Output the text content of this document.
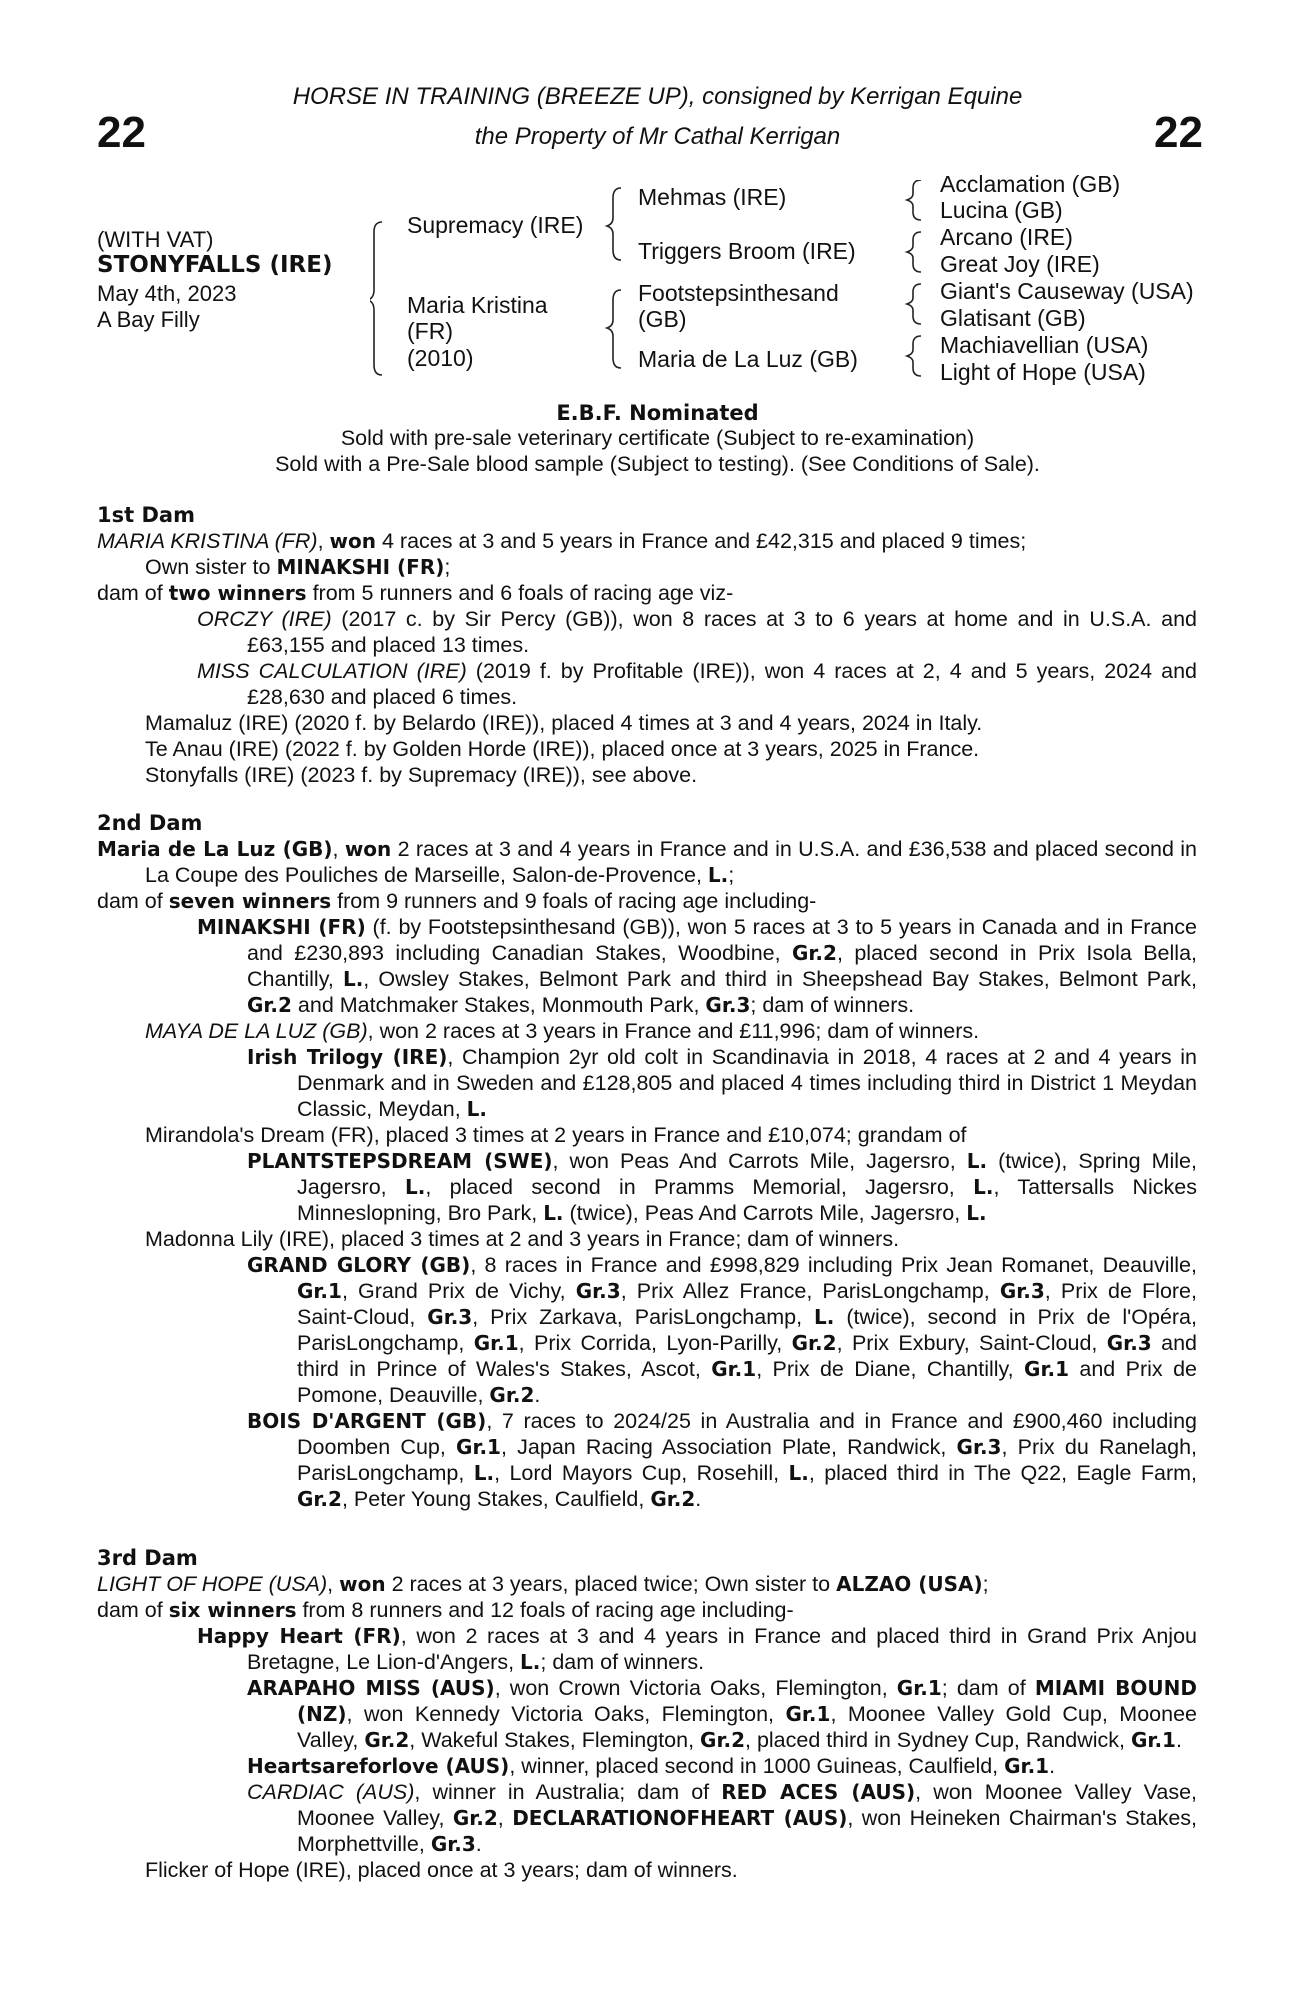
22	22
HORSE IN TRAINING (BREEZE UP), consigned by Kerrigan Equine
the Property of Mr Cathal Kerrigan
(WITH VAT)
STONYFALLS (IRE)
May 4th, 2023
A Bay Filly
Supremacy (IRE)
Maria Kristina
(FR)
(2010)
Mehmas (IRE)
Triggers Broom (IRE)
Footstepsinthesand
(GB)
Maria de La Luz (GB)
Acclamation (GB)
Lucina (GB)
Arcano (IRE)
Great Joy (IRE)
Giant's Causeway (USA)
Glatisant (GB)
Machiavellian (USA)
Light of Hope (USA)
E.B.F. Nominated
Sold with pre-sale veterinary certificate (Subject to re-examination)
Sold with a Pre-Sale blood sample (Subject to testing). (See Conditions of Sale).
1st Dam

MARIA KRISTINA (FR), won 4 races at 3 and 5 years in France and £42,315 and placed 9 times;

Own sister to MINAKSHI (FR);

dam of two winners from 5 runners and 6 foals of racing age viz-

ORCZY (IRE) (2017 c. by Sir Percy (GB)), won 8 races at 3 to 6 years at home and in U.S.A. and £63,155 and placed 13 times.

MISS CALCULATION (IRE) (2019 f. by Profitable (IRE)), won 4 races at 2, 4 and 5 years, 2024 and £28,630 and placed 6 times.

Mamaluz (IRE) (2020 f. by Belardo (IRE)), placed 4 times at 3 and 4 years, 2024 in Italy.

Te Anau (IRE) (2022 f. by Golden Horde (IRE)), placed once at 3 years, 2025 in France.

Stonyfalls (IRE) (2023 f. by Supremacy (IRE)), see above.

2nd Dam

Maria de La Luz (GB), won 2 races at 3 and 4 years in France and in U.S.A. and £36,538 and placed second in La Coupe des Pouliches de Marseille, Salon-de-Provence, L.;

dam of seven winners from 9 runners and 9 foals of racing age including-

MINAKSHI (FR) (f. by Footstepsinthesand (GB)), won 5 races at 3 to 5 years in Canada and in France and £230,893 including Canadian Stakes, Woodbine, Gr.2, placed second in Prix Isola Bella, Chantilly, L., Owsley Stakes, Belmont Park and third in Sheepshead Bay Stakes, Belmont Park, Gr.2 and Matchmaker Stakes, Monmouth Park, Gr.3; dam of winners.

MAYA DE LA LUZ (GB), won 2 races at 3 years in France and £11,996; dam of winners.

Irish Trilogy (IRE), Champion 2yr old colt in Scandinavia in 2018, 4 races at 2 and 4 years in Denmark and in Sweden and £128,805 and placed 4 times including third in District 1 Meydan Classic, Meydan, L.

Mirandola's Dream (FR), placed 3 times at 2 years in France and £10,074; grandam of

PLANTSTEPSDREAM (SWE), won Peas And Carrots Mile, Jagersro, L. (twice), Spring Mile, Jagersro, L., placed second in Pramms Memorial, Jagersro, L., Tattersalls Nickes Minneslopning, Bro Park, L. (twice), Peas And Carrots Mile, Jagersro, L.

Madonna Lily (IRE), placed 3 times at 2 and 3 years in France; dam of winners.

GRAND GLORY (GB), 8 races in France and £998,829 including Prix Jean Romanet, Deauville, Gr.1, Grand Prix de Vichy, Gr.3, Prix Allez France, ParisLongchamp, Gr.3, Prix de Flore, Saint-Cloud, Gr.3, Prix Zarkava, ParisLongchamp, L. (twice), second in Prix de l'Opéra, ParisLongchamp, Gr.1, Prix Corrida, Lyon-Parilly, Gr.2, Prix Exbury, Saint-Cloud, Gr.3 and third in Prince of Wales's Stakes, Ascot, Gr.1, Prix de Diane, Chantilly, Gr.1 and Prix de Pomone, Deauville, Gr.2.

BOIS D'ARGENT (GB), 7 races to 2024/25 in Australia and in France and £900,460 including Doomben Cup, Gr.1, Japan Racing Association Plate, Randwick, Gr.3, Prix du Ranelagh, ParisLongchamp, L., Lord Mayors Cup, Rosehill, L., placed third in The Q22, Eagle Farm, Gr.2, Peter Young Stakes, Caulfield, Gr.2.

3rd Dam

LIGHT OF HOPE (USA), won 2 races at 3 years, placed twice; Own sister to ALZAO (USA);

dam of six winners from 8 runners and 12 foals of racing age including-

Happy Heart (FR), won 2 races at 3 and 4 years in France and placed third in Grand Prix Anjou Bretagne, Le Lion-d'Angers, L.; dam of winners.

ARAPAHO MISS (AUS), won Crown Victoria Oaks, Flemington, Gr.1; dam of MIAMI BOUND (NZ), won Kennedy Victoria Oaks, Flemington, Gr.1, Moonee Valley Gold Cup, Moonee Valley, Gr.2, Wakeful Stakes, Flemington, Gr.2, placed third in Sydney Cup, Randwick, Gr.1.

Heartsareforlove (AUS), winner, placed second in 1000 Guineas, Caulfield, Gr.1.

CARDIAC (AUS), winner in Australia; dam of RED ACES (AUS), won Moonee Valley Vase, Moonee Valley, Gr.2, DECLARATIONOFHEART (AUS), won Heineken Chairman's Stakes, Morphettville, Gr.3.

Flicker of Hope (IRE), placed once at 3 years; dam of winners.
